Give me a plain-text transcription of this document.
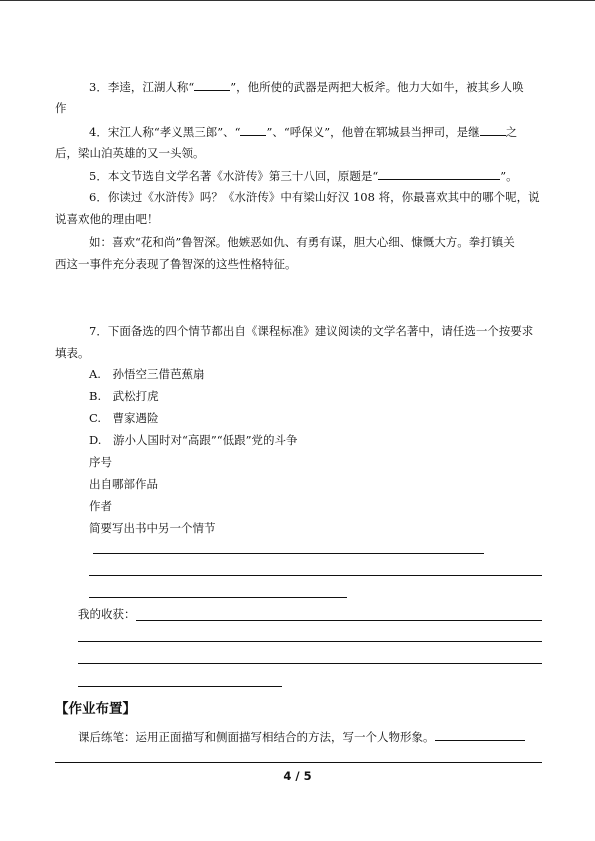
3．李逵，江湖人称“	”，他所使的武器是两把大板斧。他力大如牛，被其乡人唤
作
4．宋江人称“孝义黑三郎”、“ ”、“呼保义”，他曾在郓城县当押司，是继 之
后，梁山泊英雄的又一头领。
5．本文节选自文学名著《水浒传》第三十八回，原题是“	”。
6．你读过《水浒传》吗？《水浒传》中有梁山好汉 108 将，你最喜欢其中的哪个呢，说
说喜欢他的理由吧！
如：喜欢“花和尚”鲁智深。他嫉恶如仇、有勇有谋，胆大心细、慷慨大方。拳打镇关
西这一事件充分表现了鲁智深的这些性格特征。
7．下面备选的四个情节都出自《课程标准》建议阅读的文学名著中，请任选一个按要求
填表。
A.　孙悟空三借芭蕉扇
B.　武松打虎
C.　曹家遇险
D.　游小人国时对“高跟”“低跟”党的斗争
序号
出自哪部作品
作者
简要写出书中另一个情节
我的收获：
【作业布置】
课后练笔：运用正面描写和侧面描写相结合的方法，写一个人物形象。
4 / 5
